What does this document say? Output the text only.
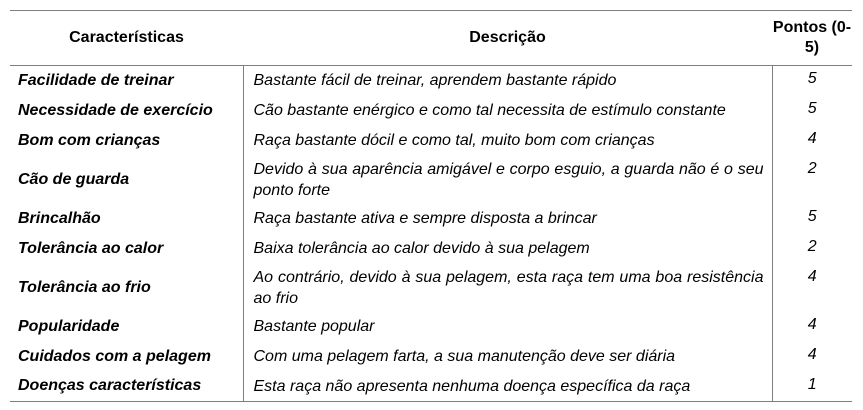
Características	Descrição	Pontos (0-5)
Facilidade de treinar	Bastante fácil de treinar, aprendem bastante rápido	5
Necessidade de exercício	Cão bastante enérgico e como tal necessita de estímulo constante	5
Bom com crianças	Raça bastante dócil e como tal, muito bom com crianças	4
Cão de guarda	Devido à sua aparência amigável e corpo esguio, a guarda não é o seu ponto forte	2
Brincalhão	Raça bastante ativa e sempre disposta a brincar	5
Tolerância ao calor	Baixa tolerância ao calor devido à sua pelagem	2
Tolerância ao frio	Ao contrário, devido à sua pelagem, esta raça tem uma boa resistência ao frio	4
Popularidade	Bastante popular	4
Cuidados com a pelagem	Com uma pelagem farta, a sua manutenção deve ser diária	4
Doenças características	Esta raça não apresenta nenhuma doença específica da raça	1
